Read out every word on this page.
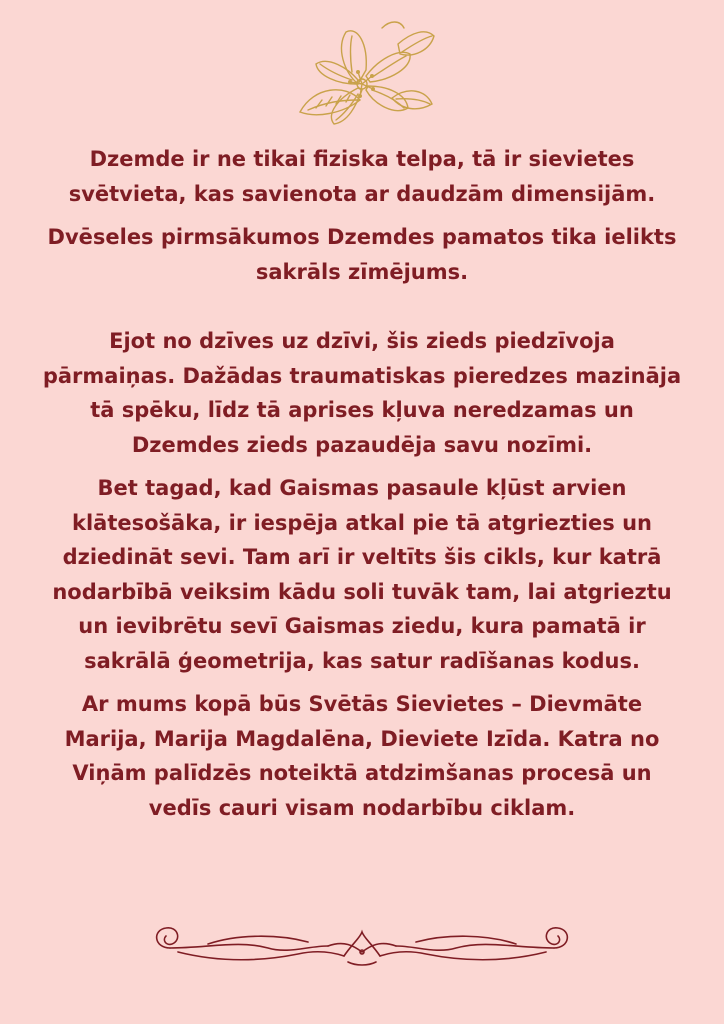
Dzemde ir ne tikai fiziska telpa, tā ir sievietes svētvieta, kas savienota ar daudzām dimensijām.

Dvēseles pirmsākumos Dzemdes pamatos tika ielikts sakrāls zīmējums.

Ejot no dzīves uz dzīvi, šis zieds piedzīvoja pārmaiņas. Dažādas traumatiskas pieredzes mazināja tā spēku, līdz tā aprises kļuva neredzamas un Dzemdes zieds pazaudēja savu nozīmi.

Bet tagad, kad Gaismas pasaule kļūst arvien klātesošāka, ir iespēja atkal pie tā atgriezties un dziedināt sevi. Tam arī ir veltīts šis cikls, kur katrā nodarbībā veiksim kādu soli tuvāk tam, lai atgrieztu un ievibrētu sevī Gaismas ziedu, kura pamatā ir sakrālā ģeometrija, kas satur radīšanas kodus.

Ar mums kopā būs Svētās Sievietes – Dievmāte Marija, Marija Magdalēna, Dieviete Izīda. Katra no Viņām palīdzēs noteiktā atdzimšanas procesā un vedīs cauri visam nodarbību ciklam.
